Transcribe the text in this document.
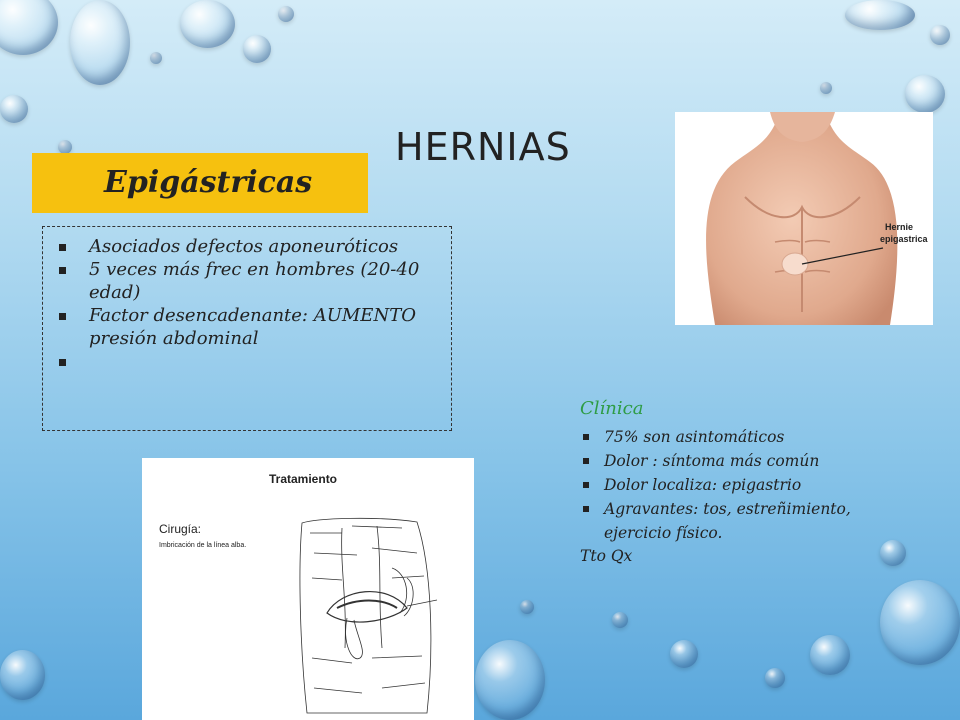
HERNIAS
Epigástricas
Asociados defectos aponeuróticos
5 veces más frec en hombres (20-40 edad)
Factor desencadenante: AUMENTO presión abdominal
Hernie
epigastrica
Tratamiento
Cirugía:
Imbricación de la línea alba.
Clínica
75% son asintomáticos
Dolor : síntoma más común
Dolor localiza: epigastrio
Agravantes: tos, estreñimiento, ejercicio físico.
Tto Qx
